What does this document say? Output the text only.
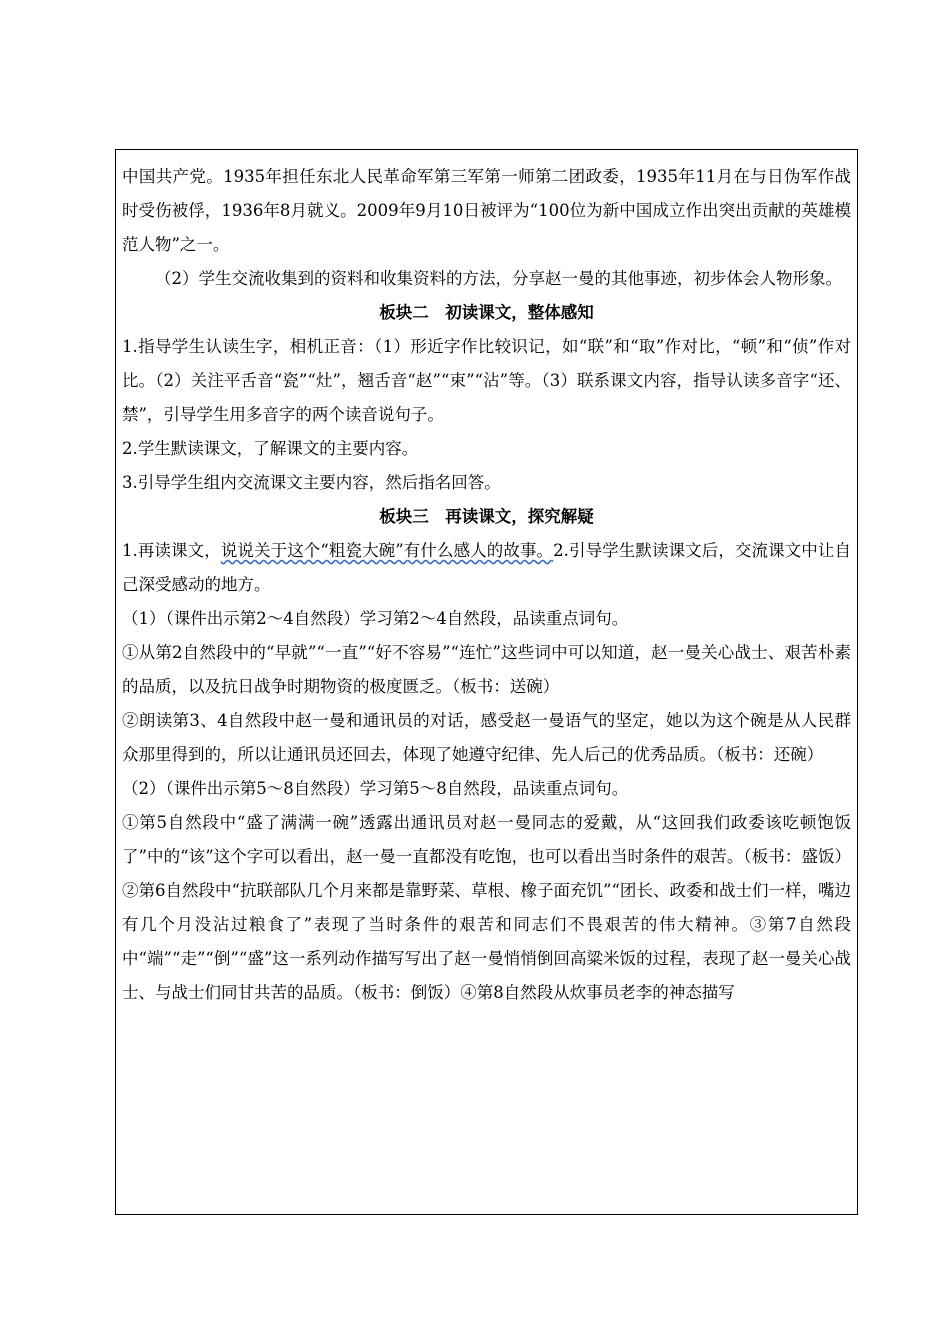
中国共产党。1935年担任东北人民革命军第三军第一师第二团政委，1935年11月在与日伪军作战时受伤被俘，1936年8月就义。2009年9月10日被评为“100位为新中国成立作出突出贡献的英雄模范人物”之一。

（2）学生交流收集到的资料和收集资料的方法，分享赵一曼的其他事迹，初步体会人物形象。

板块二　初读课文，整体感知

1.指导学生认读生字，相机正音：（1）形近字作比较识记，如“联”和“取”作对比，“顿”和“侦”作对比。（2）关注平舌音“瓷”“灶”，翘舌音“赵”“束”“沾”等。（3）联系课文内容，指导认读多音字“还、禁”，引导学生用多音字的两个读音说句子。

2.学生默读课文，了解课文的主要内容。

3.引导学生组内交流课文主要内容，然后指名回答。

板块三　再读课文，探究解疑

1.再读课文，说说关于这个“粗瓷大碗”有什么感人的故事。2.引导学生默读课文后，交流课文中让自己深受感动的地方。

（1）（课件出示第2～4自然段）学习第2～4自然段，品读重点词句。

①从第2自然段中的“早就”“一直”“好不容易”“连忙”这些词中可以知道，赵一曼关心战士、艰苦朴素的品质，以及抗日战争时期物资的极度匮乏。（板书：送碗）

②朗读第3、4自然段中赵一曼和通讯员的对话，感受赵一曼语气的坚定，她以为这个碗是从人民群众那里得到的，所以让通讯员还回去，体现了她遵守纪律、先人后己的优秀品质。（板书：还碗）

（2）（课件出示第5～8自然段）学习第5～8自然段，品读重点词句。

①第5自然段中“盛了满满一碗”透露出通讯员对赵一曼同志的爱戴，从“这回我们政委该吃顿饱饭了”中的“该”这个字可以看出，赵一曼一直都没有吃饱，也可以看出当时条件的艰苦。（板书：盛饭）②第6自然段中“抗联部队几个月来都是靠野菜、草根、橡子面充饥”“团长、政委和战士们一样，嘴边有几个月没沾过粮食了”表现了当时条件的艰苦和同志们不畏艰苦的伟大精神。③第7自然段中“端”“走”“倒”“盛”这一系列动作描写写出了赵一曼悄悄倒回高粱米饭的过程，表现了赵一曼关心战士、与战士们同甘共苦的品质。（板书：倒饭）④第8自然段从炊事员老李的神态描写
